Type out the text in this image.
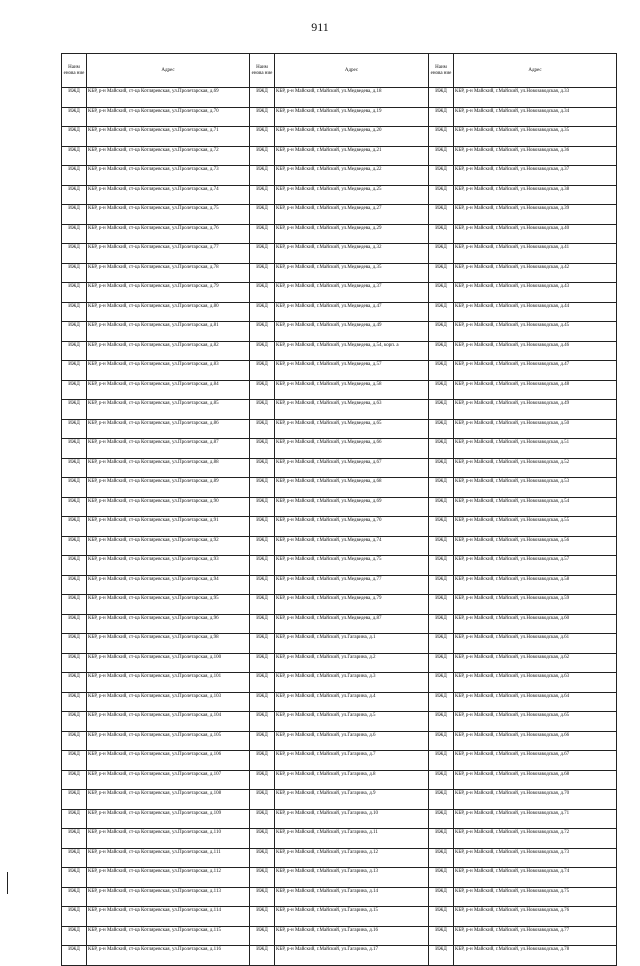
911
Наим енова ние	Адрес	Наим енова ние	Адрес	Наим енова ние	Адрес
ИЖД	КБР, р-н Майский, ст-ца Котляревская, ул.Пролетарская, д.69	ИЖД	КБР, р-н Майский, г.Майский, ул.Медведева, д.18	ИЖД	КБР, р-н Майский, г.Майский, ул.Новозаводская, д.33
ИЖД	КБР, р-н Майский, ст-ца Котляревская, ул.Пролетарская, д.70	ИЖД	КБР, р-н Майский, г.Майский, ул.Медведева, д.19	ИЖД	КБР, р-н Майский, г.Майский, ул.Новозаводская, д.34
ИЖД	КБР, р-н Майский, ст-ца Котляревская, ул.Пролетарская, д.71	ИЖД	КБР, р-н Майский, г.Майский, ул.Медведева, д.20	ИЖД	КБР, р-н Майский, г.Майский, ул.Новозаводская, д.35
ИЖД	КБР, р-н Майский, ст-ца Котляревская, ул.Пролетарская, д.72	ИЖД	КБР, р-н Майский, г.Майский, ул.Медведева, д.21	ИЖД	КБР, р-н Майский, г.Майский, ул.Новозаводская, д.36
ИЖД	КБР, р-н Майский, ст-ца Котляревская, ул.Пролетарская, д.73	ИЖД	КБР, р-н Майский, г.Майский, ул.Медведева, д.22	ИЖД	КБР, р-н Майский, г.Майский, ул.Новозаводская, д.37
ИЖД	КБР, р-н Майский, ст-ца Котляревская, ул.Пролетарская, д.74	ИЖД	КБР, р-н Майский, г.Майский, ул.Медведева, д.25	ИЖД	КБР, р-н Майский, г.Майский, ул.Новозаводская, д.38
ИЖД	КБР, р-н Майский, ст-ца Котляревская, ул.Пролетарская, д.75	ИЖД	КБР, р-н Майский, г.Майский, ул.Медведева, д.27	ИЖД	КБР, р-н Майский, г.Майский, ул.Новозаводская, д.39
ИЖД	КБР, р-н Майский, ст-ца Котляревская, ул.Пролетарская, д.76	ИЖД	КБР, р-н Майский, г.Майский, ул.Медведева, д.29	ИЖД	КБР, р-н Майский, г.Майский, ул.Новозаводская, д.40
ИЖД	КБР, р-н Майский, ст-ца Котляревская, ул.Пролетарская, д.77	ИЖД	КБР, р-н Майский, г.Майский, ул.Медведева, д.32	ИЖД	КБР, р-н Майский, г.Майский, ул.Новозаводская, д.41
ИЖД	КБР, р-н Майский, ст-ца Котляревская, ул.Пролетарская, д.78	ИЖД	КБР, р-н Майский, г.Майский, ул.Медведева, д.35	ИЖД	КБР, р-н Майский, г.Майский, ул.Новозаводская, д.42
ИЖД	КБР, р-н Майский, ст-ца Котляревская, ул.Пролетарская, д.79	ИЖД	КБР, р-н Майский, г.Майский, ул.Медведева, д.37	ИЖД	КБР, р-н Майский, г.Майский, ул.Новозаводская, д.43
ИЖД	КБР, р-н Майский, ст-ца Котляревская, ул.Пролетарская, д.80	ИЖД	КБР, р-н Майский, г.Майский, ул.Медведева, д.47	ИЖД	КБР, р-н Майский, г.Майский, ул.Новозаводская, д.44
ИЖД	КБР, р-н Майский, ст-ца Котляревская, ул.Пролетарская, д.81	ИЖД	КБР, р-н Майский, г.Майский, ул.Медведева, д.49	ИЖД	КБР, р-н Майский, г.Майский, ул.Новозаводская, д.45
ИЖД	КБР, р-н Майский, ст-ца Котляревская, ул.Пролетарская, д.82	ИЖД	КБР, р-н Майский, г.Майский, ул.Медведева, д.54, корп. а	ИЖД	КБР, р-н Майский, г.Майский, ул.Новозаводская, д.46
ИЖД	КБР, р-н Майский, ст-ца Котляревская, ул.Пролетарская, д.83	ИЖД	КБР, р-н Майский, г.Майский, ул.Медведева, д.57	ИЖД	КБР, р-н Майский, г.Майский, ул.Новозаводская, д.47
ИЖД	КБР, р-н Майский, ст-ца Котляревская, ул.Пролетарская, д.84	ИЖД	КБР, р-н Майский, г.Майский, ул.Медведева, д.58	ИЖД	КБР, р-н Майский, г.Майский, ул.Новозаводская, д.48
ИЖД	КБР, р-н Майский, ст-ца Котляревская, ул.Пролетарская, д.85	ИЖД	КБР, р-н Майский, г.Майский, ул.Медведева, д.63	ИЖД	КБР, р-н Майский, г.Майский, ул.Новозаводская, д.49
ИЖД	КБР, р-н Майский, ст-ца Котляревская, ул.Пролетарская, д.86	ИЖД	КБР, р-н Майский, г.Майский, ул.Медведева, д.65	ИЖД	КБР, р-н Майский, г.Майский, ул.Новозаводская, д.50
ИЖД	КБР, р-н Майский, ст-ца Котляревская, ул.Пролетарская, д.87	ИЖД	КБР, р-н Майский, г.Майский, ул.Медведева, д.66	ИЖД	КБР, р-н Майский, г.Майский, ул.Новозаводская, д.51
ИЖД	КБР, р-н Майский, ст-ца Котляревская, ул.Пролетарская, д.88	ИЖД	КБР, р-н Майский, г.Майский, ул.Медведева, д.67	ИЖД	КБР, р-н Майский, г.Майский, ул.Новозаводская, д.52
ИЖД	КБР, р-н Майский, ст-ца Котляревская, ул.Пролетарская, д.89	ИЖД	КБР, р-н Майский, г.Майский, ул.Медведева, д.68	ИЖД	КБР, р-н Майский, г.Майский, ул.Новозаводская, д.53
ИЖД	КБР, р-н Майский, ст-ца Котляревская, ул.Пролетарская, д.90	ИЖД	КБР, р-н Майский, г.Майский, ул.Медведева, д.69	ИЖД	КБР, р-н Майский, г.Майский, ул.Новозаводская, д.54
ИЖД	КБР, р-н Майский, ст-ца Котляревская, ул.Пролетарская, д.91	ИЖД	КБР, р-н Майский, г.Майский, ул.Медведева, д.70	ИЖД	КБР, р-н Майский, г.Майский, ул.Новозаводская, д.55
ИЖД	КБР, р-н Майский, ст-ца Котляревская, ул.Пролетарская, д.92	ИЖД	КБР, р-н Майский, г.Майский, ул.Медведева, д.74	ИЖД	КБР, р-н Майский, г.Майский, ул.Новозаводская, д.56
ИЖД	КБР, р-н Майский, ст-ца Котляревская, ул.Пролетарская, д.93	ИЖД	КБР, р-н Майский, г.Майский, ул.Медведева, д.75	ИЖД	КБР, р-н Майский, г.Майский, ул.Новозаводская, д.57
ИЖД	КБР, р-н Майский, ст-ца Котляревская, ул.Пролетарская, д.94	ИЖД	КБР, р-н Майский, г.Майский, ул.Медведева, д.77	ИЖД	КБР, р-н Майский, г.Майский, ул.Новозаводская, д.58
ИЖД	КБР, р-н Майский, ст-ца Котляревская, ул.Пролетарская, д.95	ИЖД	КБР, р-н Майский, г.Майский, ул.Медведева, д.79	ИЖД	КБР, р-н Майский, г.Майский, ул.Новозаводская, д.59
ИЖД	КБР, р-н Майский, ст-ца Котляревская, ул.Пролетарская, д.96	ИЖД	КБР, р-н Майский, г.Майский, ул.Медведева, д.87	ИЖД	КБР, р-н Майский, г.Майский, ул.Новозаводская, д.60
ИЖД	КБР, р-н Майский, ст-ца Котляревская, ул.Пролетарская, д.98	ИЖД	КБР, р-н Майский, г.Майский, ул.Гагарина, д.1	ИЖД	КБР, р-н Майский, г.Майский, ул.Новозаводская, д.61
ИЖД	КБР, р-н Майский, ст-ца Котляревская, ул.Пролетарская, д.100	ИЖД	КБР, р-н Майский, г.Майский, ул.Гагарина, д.2	ИЖД	КБР, р-н Майский, г.Майский, ул.Новозаводская, д.62
ИЖД	КБР, р-н Майский, ст-ца Котляревская, ул.Пролетарская, д.101	ИЖД	КБР, р-н Майский, г.Майский, ул.Гагарина, д.3	ИЖД	КБР, р-н Майский, г.Майский, ул.Новозаводская, д.63
ИЖД	КБР, р-н Майский, ст-ца Котляревская, ул.Пролетарская, д.103	ИЖД	КБР, р-н Майский, г.Майский, ул.Гагарина, д.4	ИЖД	КБР, р-н Майский, г.Майский, ул.Новозаводская, д.64
ИЖД	КБР, р-н Майский, ст-ца Котляревская, ул.Пролетарская, д.104	ИЖД	КБР, р-н Майский, г.Майский, ул.Гагарина, д.5	ИЖД	КБР, р-н Майский, г.Майский, ул.Новозаводская, д.65
ИЖД	КБР, р-н Майский, ст-ца Котляревская, ул.Пролетарская, д.105	ИЖД	КБР, р-н Майский, г.Майский, ул.Гагарина, д.6	ИЖД	КБР, р-н Майский, г.Майский, ул.Новозаводская, д.66
ИЖД	КБР, р-н Майский, ст-ца Котляревская, ул.Пролетарская, д.106	ИЖД	КБР, р-н Майский, г.Майский, ул.Гагарина, д.7	ИЖД	КБР, р-н Майский, г.Майский, ул.Новозаводская, д.67
ИЖД	КБР, р-н Майский, ст-ца Котляревская, ул.Пролетарская, д.107	ИЖД	КБР, р-н Майский, г.Майский, ул.Гагарина, д.8	ИЖД	КБР, р-н Майский, г.Майский, ул.Новозаводская, д.68
ИЖД	КБР, р-н Майский, ст-ца Котляревская, ул.Пролетарская, д.108	ИЖД	КБР, р-н Майский, г.Майский, ул.Гагарина, д.9	ИЖД	КБР, р-н Майский, г.Майский, ул.Новозаводская, д.70
ИЖД	КБР, р-н Майский, ст-ца Котляревская, ул.Пролетарская, д.109	ИЖД	КБР, р-н Майский, г.Майский, ул.Гагарина, д.10	ИЖД	КБР, р-н Майский, г.Майский, ул.Новозаводская, д.71
ИЖД	КБР, р-н Майский, ст-ца Котляревская, ул.Пролетарская, д.110	ИЖД	КБР, р-н Майский, г.Майский, ул.Гагарина, д.11	ИЖД	КБР, р-н Майский, г.Майский, ул.Новозаводская, д.72
ИЖД	КБР, р-н Майский, ст-ца Котляревская, ул.Пролетарская, д.111	ИЖД	КБР, р-н Майский, г.Майский, ул.Гагарина, д.12	ИЖД	КБР, р-н Майский, г.Майский, ул.Новозаводская, д.73
ИЖД	КБР, р-н Майский, ст-ца Котляревская, ул.Пролетарская, д.112	ИЖД	КБР, р-н Майский, г.Майский, ул.Гагарина, д.13	ИЖД	КБР, р-н Майский, г.Майский, ул.Новозаводская, д.74
ИЖД	КБР, р-н Майский, ст-ца Котляревская, ул.Пролетарская, д.113	ИЖД	КБР, р-н Майский, г.Майский, ул.Гагарина, д.14	ИЖД	КБР, р-н Майский, г.Майский, ул.Новозаводская, д.75
ИЖД	КБР, р-н Майский, ст-ца Котляревская, ул.Пролетарская, д.114	ИЖД	КБР, р-н Майский, г.Майский, ул.Гагарина, д.15	ИЖД	КБР, р-н Майский, г.Майский, ул.Новозаводская, д.76
ИЖД	КБР, р-н Майский, ст-ца Котляревская, ул.Пролетарская, д.115	ИЖД	КБР, р-н Майский, г.Майский, ул.Гагарина, д.16	ИЖД	КБР, р-н Майский, г.Майский, ул.Новозаводская, д.77
ИЖД	КБР, р-н Майский, ст-ца Котляревская, ул.Пролетарская, д.116	ИЖД	КБР, р-н Майский, г.Майский, ул.Гагарина, д.17	ИЖД	КБР, р-н Майский, г.Майский, ул.Новозаводская, д.78
